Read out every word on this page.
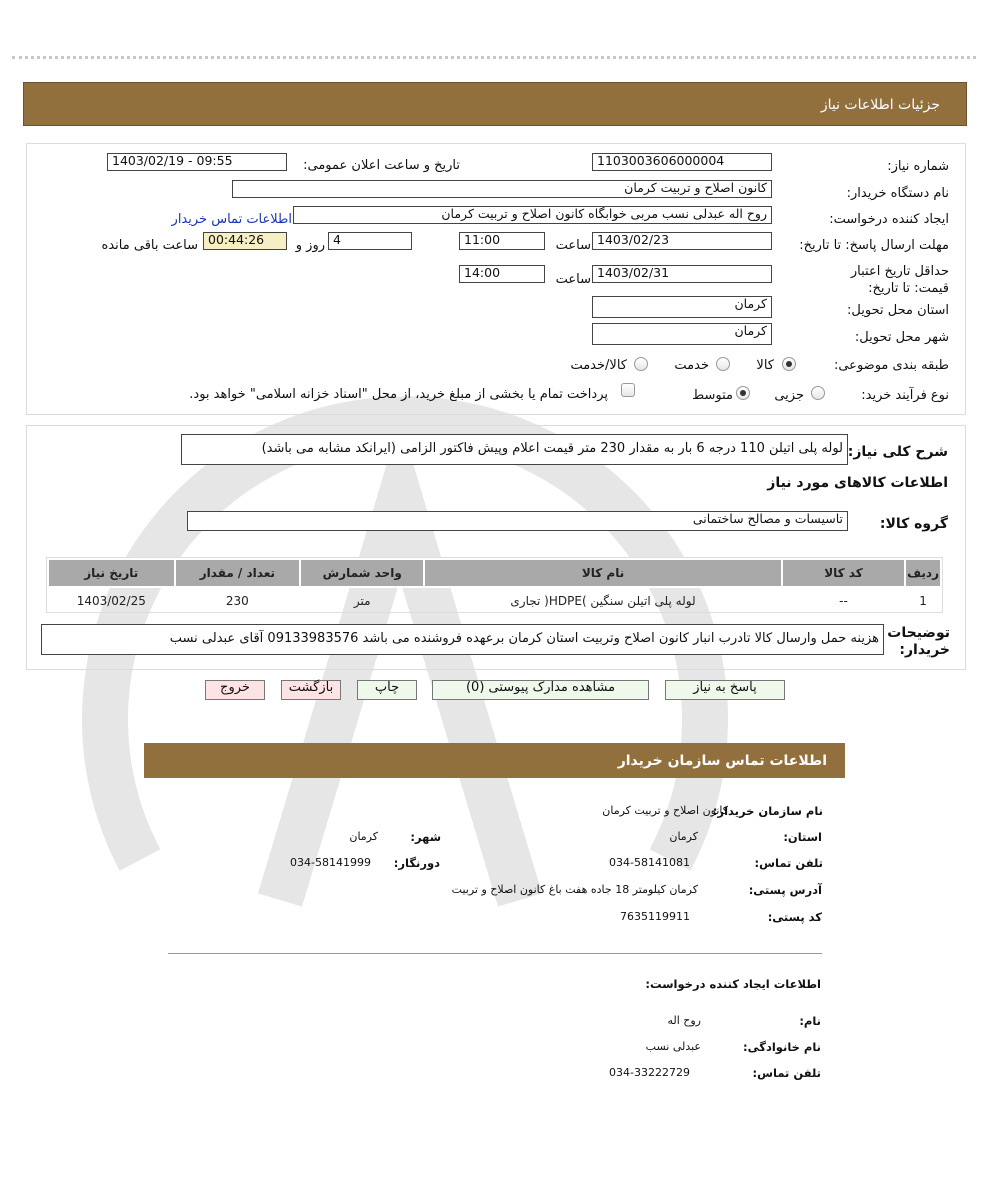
جزئیات اطلاعات نیاز
شماره نیاز:
1103003606000004
تاریخ و ساعت اعلان عمومی:
1403/02/19 - 09:55
نام دستگاه خریدار:
کانون اصلاح و تربیت کرمان
ایجاد کننده درخواست:
روح اله عبدلی نسب مربی خوابگاه کانون اصلاح و تربیت کرمان
اطلاعات تماس خریدار
مهلت ارسال پاسخ: تا تاریخ:
1403/02/23
ساعت
11:00
4
روز و
00:44:26
ساعت باقی مانده
حداقل تاریخ اعتبار قیمت: تا تاریخ:
1403/02/31
ساعت
14:00
استان محل تحویل:
کرمان
شهر محل تحویل:
کرمان
طبقه بندی موضوعی:
کالا
خدمت
کالا/خدمت
نوع فرآیند خرید:
جزیی
متوسط
پرداخت تمام یا بخشی از مبلغ خرید، از محل "اسناد خزانه اسلامی" خواهد بود.
شرح کلی نیاز:
لوله پلی اتیلن 110 درجه 6 بار به مقدار 230 متر قیمت اعلام وپیش فاکتور الزامی (ایرانکد مشابه می باشد)
اطلاعات کالاهای مورد نیاز
گروه کالا:
تاسیسات و مصالح ساختمانی
ردیف	کد کالا	نام کالا	واحد شمارش	تعداد / مقدار	تاریخ نیاز
1	--	لوله پلی اتیلن سنگین )HDPE( تجاری	متر	230	1403/02/25
توضیحات خریدار:
هزینه حمل وارسال کالا تادرب انبار کانون اصلاح وتربیت استان کرمان برعهده فروشنده می باشد 09133983576 آقای عبدلی نسب
پاسخ به نیاز
مشاهده مدارک پیوستی (0)
چاپ
بازگشت
خروج
اطلاعات تماس سازمان خریدار
نام سازمان خریدار:
کانون اصلاح و تربیت کرمان
استان:
کرمان
شهر:
کرمان
تلفن تماس:
034-58141081
دورنگار:
034-58141999
آدرس پستی:
کرمان کیلومتر 18 جاده هفت باغ کانون اصلاح و تربیت
کد پستی:
7635119911
اطلاعات ایجاد کننده درخواست:
نام:
روح اله
نام خانوادگی:
عبدلی نسب
تلفن تماس:
034-33222729
